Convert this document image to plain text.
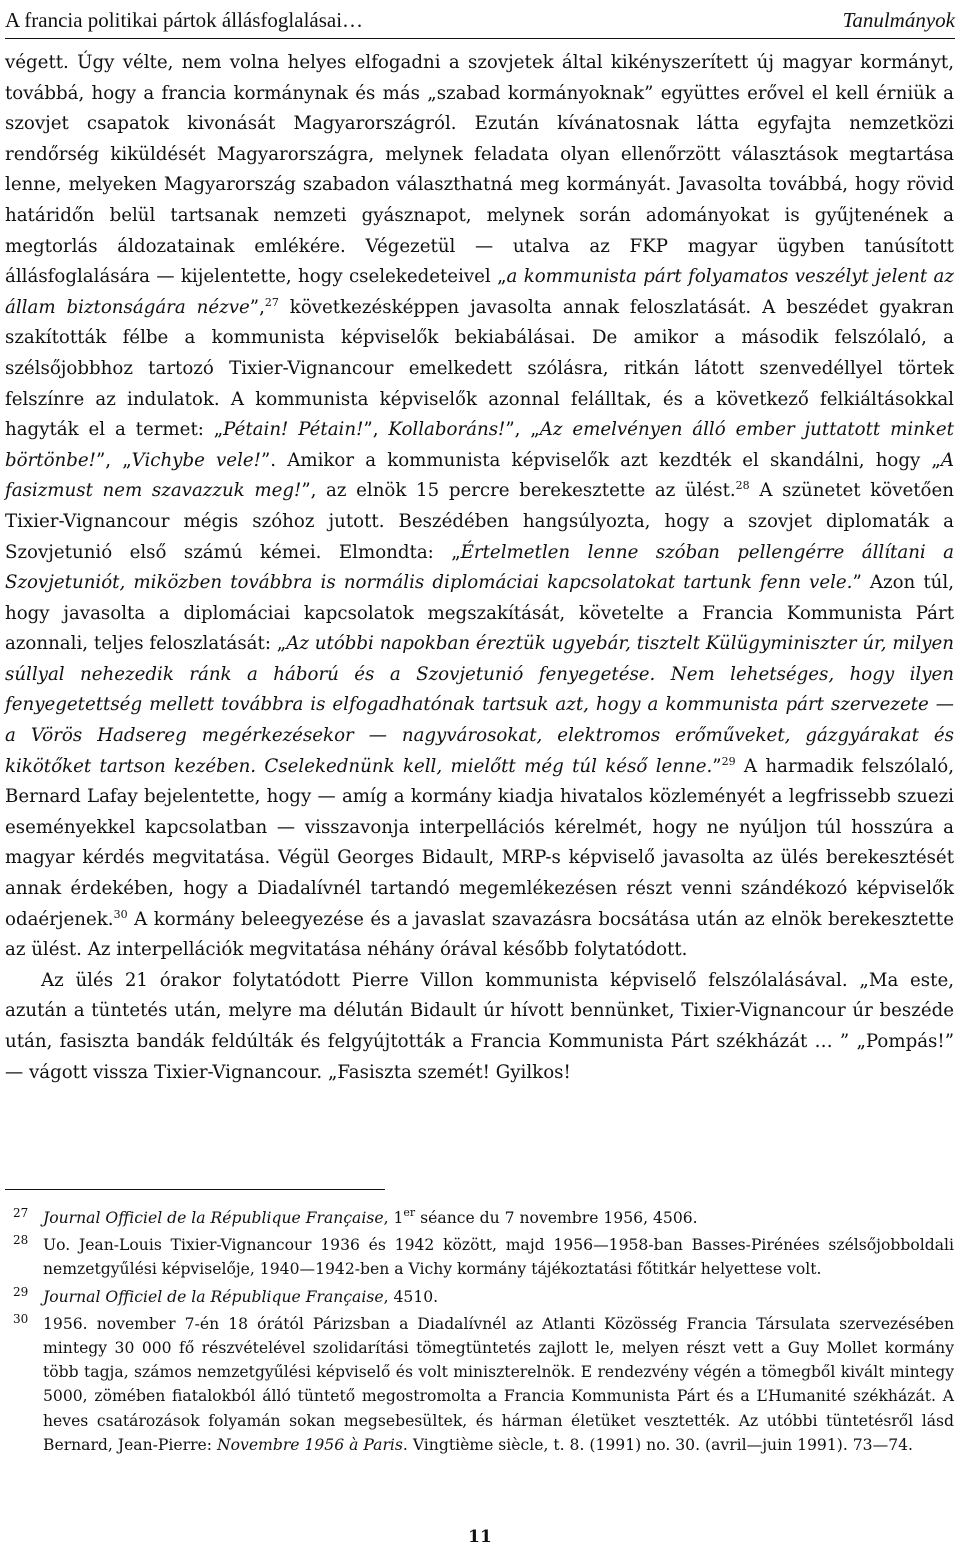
A francia politikai pártok állásfoglalásai…	Tanulmányok

végett. Úgy vélte, nem volna helyes elfogadni a szovjetek által kikényszerített új magyar kormányt, továbbá, hogy a francia kormánynak és más „szabad kormányoknak” együttes erővel el kell érniük a szovjet csapatok kivonását Magyarországról. Ezután kívánatosnak látta egyfajta nemzetközi rendőrség kiküldését Magyarországra, melynek feladata olyan ellenőrzött választások megtartása lenne, melyeken Magyarország szabadon választhatná meg kormányát. Javasolta továbbá, hogy rövid határidőn belül tartsanak nemzeti gyásznapot, melynek során adományokat is gyűjtenének a megtorlás áldozatainak emlékére. Végezetül — utalva az FKP magyar ügyben tanúsított állásfoglalására — kijelentette, hogy cselekedeteivel „a kommunista párt folyamatos veszélyt jelent az állam biztonságára nézve”,$^{27}$ következésképpen javasolta annak feloszlatását. A beszédet gyakran szakították félbe a kommunista képviselők bekiabálásai. De amikor a második felszólaló, a szélsőjobbhoz tartozó Tixier-Vignancour emelkedett szólásra, ritkán látott szenvedéllyel törtek felszínre az indulatok. A kommunista képviselők azonnal felálltak, és a következő felkiáltásokkal hagyták el a termet: „Pétain! Pétain!”, Kollaboráns!”, „Az emelvényen álló ember juttatott minket börtönbe!”, „Vichybe vele!”. Amikor a kommunista képviselők azt kezdték el skandálni, hogy „A fasizmust nem szavazzuk meg!”, az elnök 15 percre berekesztette az ülést.$^{28}$ A szünetet követően Tixier-Vignancour mégis szóhoz jutott. Beszédében hangsúlyozta, hogy a szovjet diplomaták a Szovjetunió első számú kémei. Elmondta: „Értelmetlen lenne szóban pellengérre állítani a Szovjetuniót, miközben továbbra is normális diplomáciai kapcsolatokat tartunk fenn vele.” Azon túl, hogy javasolta a diplomáciai kapcsolatok megszakítását, követelte a Francia Kommunista Párt azonnali, teljes feloszlatását: „Az utóbbi napokban éreztük ugyebár, tisztelt Külügyminiszter úr, milyen súllyal nehezedik ránk a háború és a Szovjetunió fenyegetése. Nem lehetséges, hogy ilyen fenyegetettség mellett továbbra is elfogadhatónak tartsuk azt, hogy a kommunista párt szervezete — a Vörös Hadsereg megérkezésekor — nagyvárosokat, elektromos erőműveket, gázgyárakat és kikötőket tartson kezében. Cselekednünk kell, mielőtt még túl késő lenne.”$^{29}$ A harmadik felszólaló, Bernard Lafay bejelentette, hogy — amíg a kormány kiadja hivatalos közleményét a legfrissebb szuezi eseményekkel kapcsolatban — visszavonja interpellációs kérelmét, hogy ne nyúljon túl hosszúra a magyar kérdés megvitatása. Végül Georges Bidault, MRP-s képviselő javasolta az ülés berekesztését annak érdekében, hogy a Diadalívnél tartandó megemlékezésen részt venni szándékozó képviselők odaérjenek.$^{30}$ A kormány beleegyezése és a javaslat szavazásra bocsátása után az elnök berekesztette az ülést. Az interpellációk megvitatása néhány órával később folytatódott.

Az ülés 21 órakor folytatódott Pierre Villon kommunista képviselő felszólalásával. „Ma este, azután a tüntetés után, melyre ma délután Bidault úr hívott bennünket, Tixier-Vignancour úr beszéde után, fasiszta bandák feldúlták és felgyújtották a Francia Kommunista Párt székházát … ” „Pompás!” — vágott vissza Tixier-Vignancour. „Fasiszta szemét! Gyilkos!

27 Journal Officiel de la République Française, 1er séance du 7 novembre 1956, 4506.
28 Uo. Jean-Louis Tixier-Vignancour 1936 és 1942 között, majd 1956—1958-ban Basses-Pirénées szélsőjobboldali nemzetgyűlési képviselője, 1940—1942-ben a Vichy kormány tájékoztatási főtitkár helyettese volt.
29 Journal Officiel de la République Française, 4510.
30 1956. november 7-én 18 órától Párizsban a Diadalívnél az Atlanti Közösség Francia Társulata szervezésében mintegy 30 000 fő részvételével szolidarítási tömegtüntetés zajlott le, melyen részt vett a Guy Mollet kormány több tagja, számos nemzetgyűlési képviselő és volt miniszterelnök. E rendezvény végén a tömegből kivált mintegy 5000, zömében fiatalokból álló tüntető megostromolta a Francia Kommunista Párt és a L’Humanité székházát. A heves csatározások folyamán sokan megsebesültek, és hárman életüket vesztették. Az utóbbi tüntetésről lásd Bernard, Jean-Pierre: Novembre 1956 à Paris. Vingtième siècle, t. 8. (1991) no. 30. (avril—juin 1991). 73—74.
11
